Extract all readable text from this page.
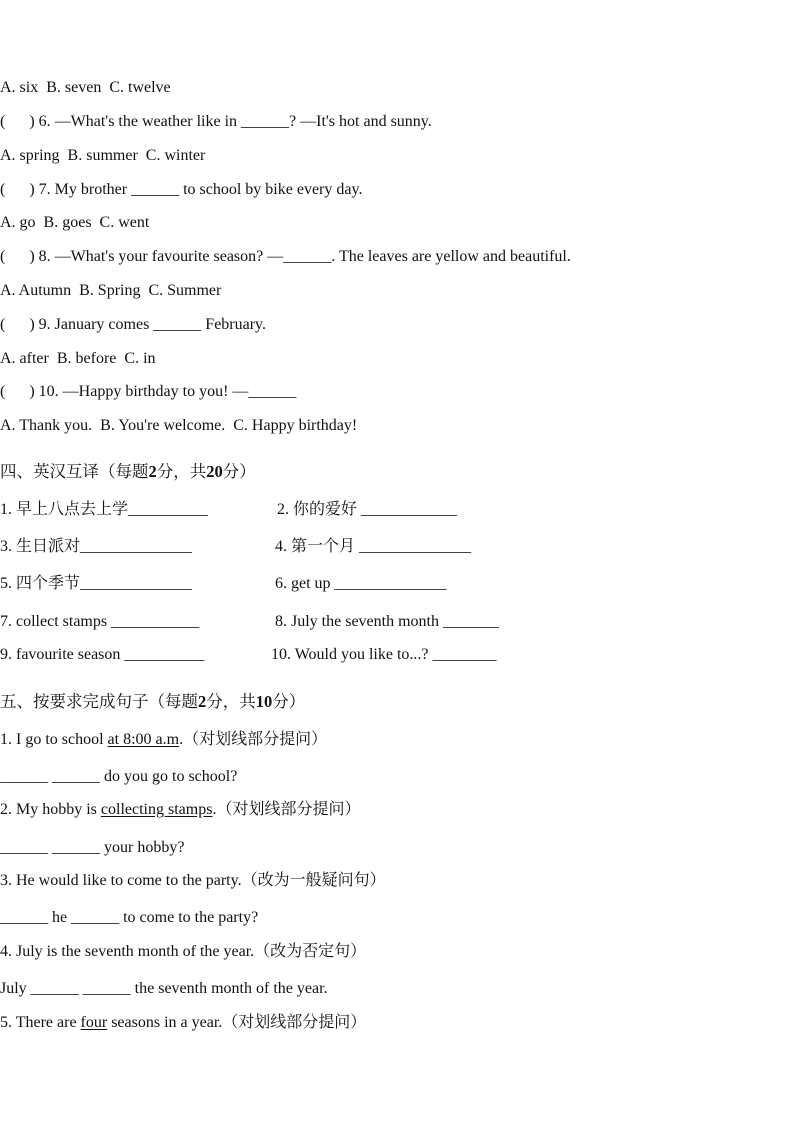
A. six  B. seven  C. twelve
(      ) 6. —What's the weather like in ______? —It's hot and sunny.
A. spring  B. summer  C. winter
(      ) 7. My brother ______ to school by bike every day.
A. go  B. goes  C. went
(      ) 8. —What's your favourite season? —______. The leaves are yellow and beautiful.
A. Autumn  B. Spring  C. Summer
(      ) 9. January comes ______ February.
A. after  B. before  C. in
(      ) 10. —Happy birthday to you! —______
A. Thank you.  B. You're welcome.  C. Happy birthday!
四、英汉互译（每题2分，共20分）
1. 早上八点去上学__________	2. 你的爱好 ____________
3. 生日派对______________	4. 第一个月 ______________
5. 四个季节______________	6. get up ______________
7. collect stamps ___________	8. July the seventh month _______
9. favourite season __________	10. Would you like to...? ________
五、按要求完成句子（每题2分，共10分）
1. I go to school at 8:00 a.m.（对划线部分提问）
______ ______ do you go to school?
2. My hobby is collecting stamps.（对划线部分提问）
______ ______ your hobby?
3. He would like to come to the party.（改为一般疑问句）
______ he ______ to come to the party?
4. July is the seventh month of the year.（改为否定句）
July ______ ______ the seventh month of the year.
5. There are four seasons in a year.（对划线部分提问）
